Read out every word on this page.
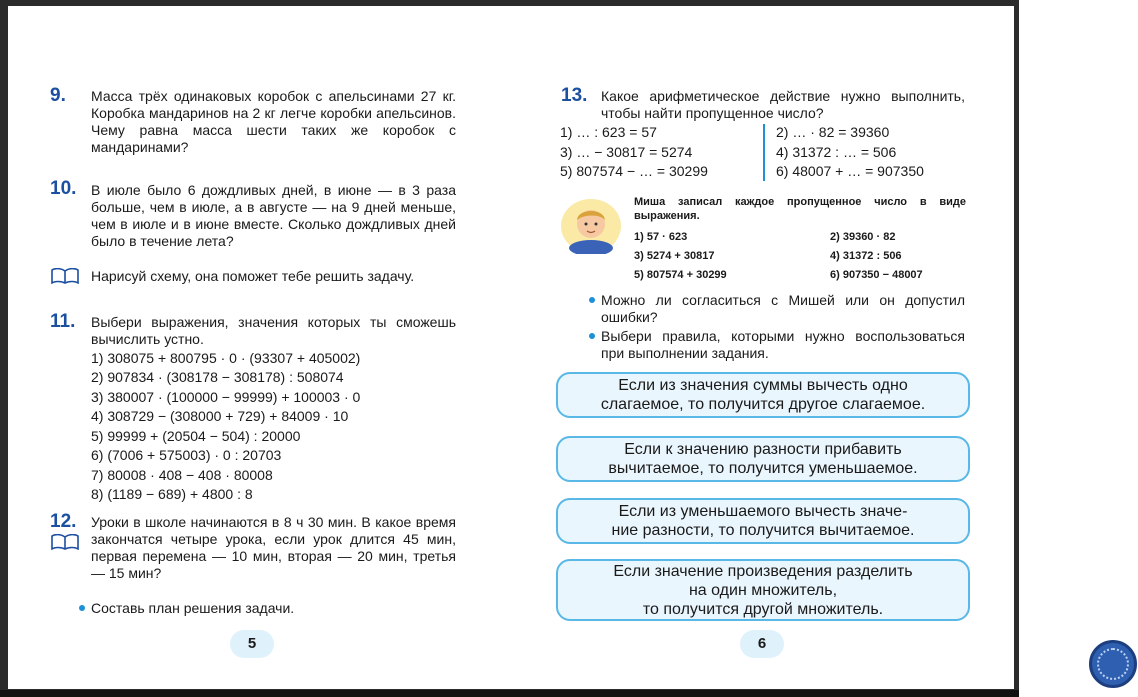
9. Масса трёх одинаковых коробок с апельсинами 27 кг. Коробка мандаринов на 2 кг легче коробки апельсинов. Чему равна масса шести таких же коробок с мандаринами?
10. В июле было 6 дождливых дней, в июне — в 3 раза больше, чем в июле, а в августе — на 9 дней меньше, чем в июле и в июне вместе. Сколько дождливых дней было в течение лета?
Нарисуй схему, она поможет тебе решить задачу.
11. Выбери выражения, значения которых ты сможешь вычислить устно.
1) 308075 + 800795 · 0 · (93307 + 405002)
2) 907834 · (308178 − 308178) : 508074
3) 380007 · (100000 − 99999) + 100003 · 0
4) 308729 − (308000 + 729) + 84009 · 10
5) 99999 + (20504 − 504) : 20000
6) (7006 + 575003) · 0 : 20703
7) 80008 · 408 − 408 · 80008
8) (1189 − 689) + 4800 : 8
12. Уроки в школе начинаются в 8 ч 30 мин. В какое время закончатся четыре урока, если урок длится 45 мин, первая перемена — 10 мин, вторая — 20 мин, третья — 15 мин?
Составь план решения задачи.
5
13. Какое арифметическое действие нужно выполнить, чтобы найти пропущенное число?
1) … : 623 = 57
3) … − 30817 = 5274
5) 807574 − … = 30299
2) … · 82 = 39360
4) 31372 : … = 506
6) 48007 + … = 907350
Миша записал каждое пропущенное число в виде выражения.
1) 57 · 623
3) 5274 + 30817
5) 807574 + 30299
2) 39360 · 82
4) 31372 : 506
6) 907350 − 48007
Можно ли согласиться с Мишей или он допустил ошибки?
Выбери правила, которыми нужно воспользоваться при выполнении задания.
Если из значения суммы вычесть одно
слагаемое, то получится другое слагаемое.
Если к значению разности прибавить
вычитаемое, то получится уменьшаемое.
Если из уменьшаемого вычесть значе-
ние разности, то получится вычитаемое.
Если значение произведения разделить
на один множитель,
то получится другой множитель.
6
